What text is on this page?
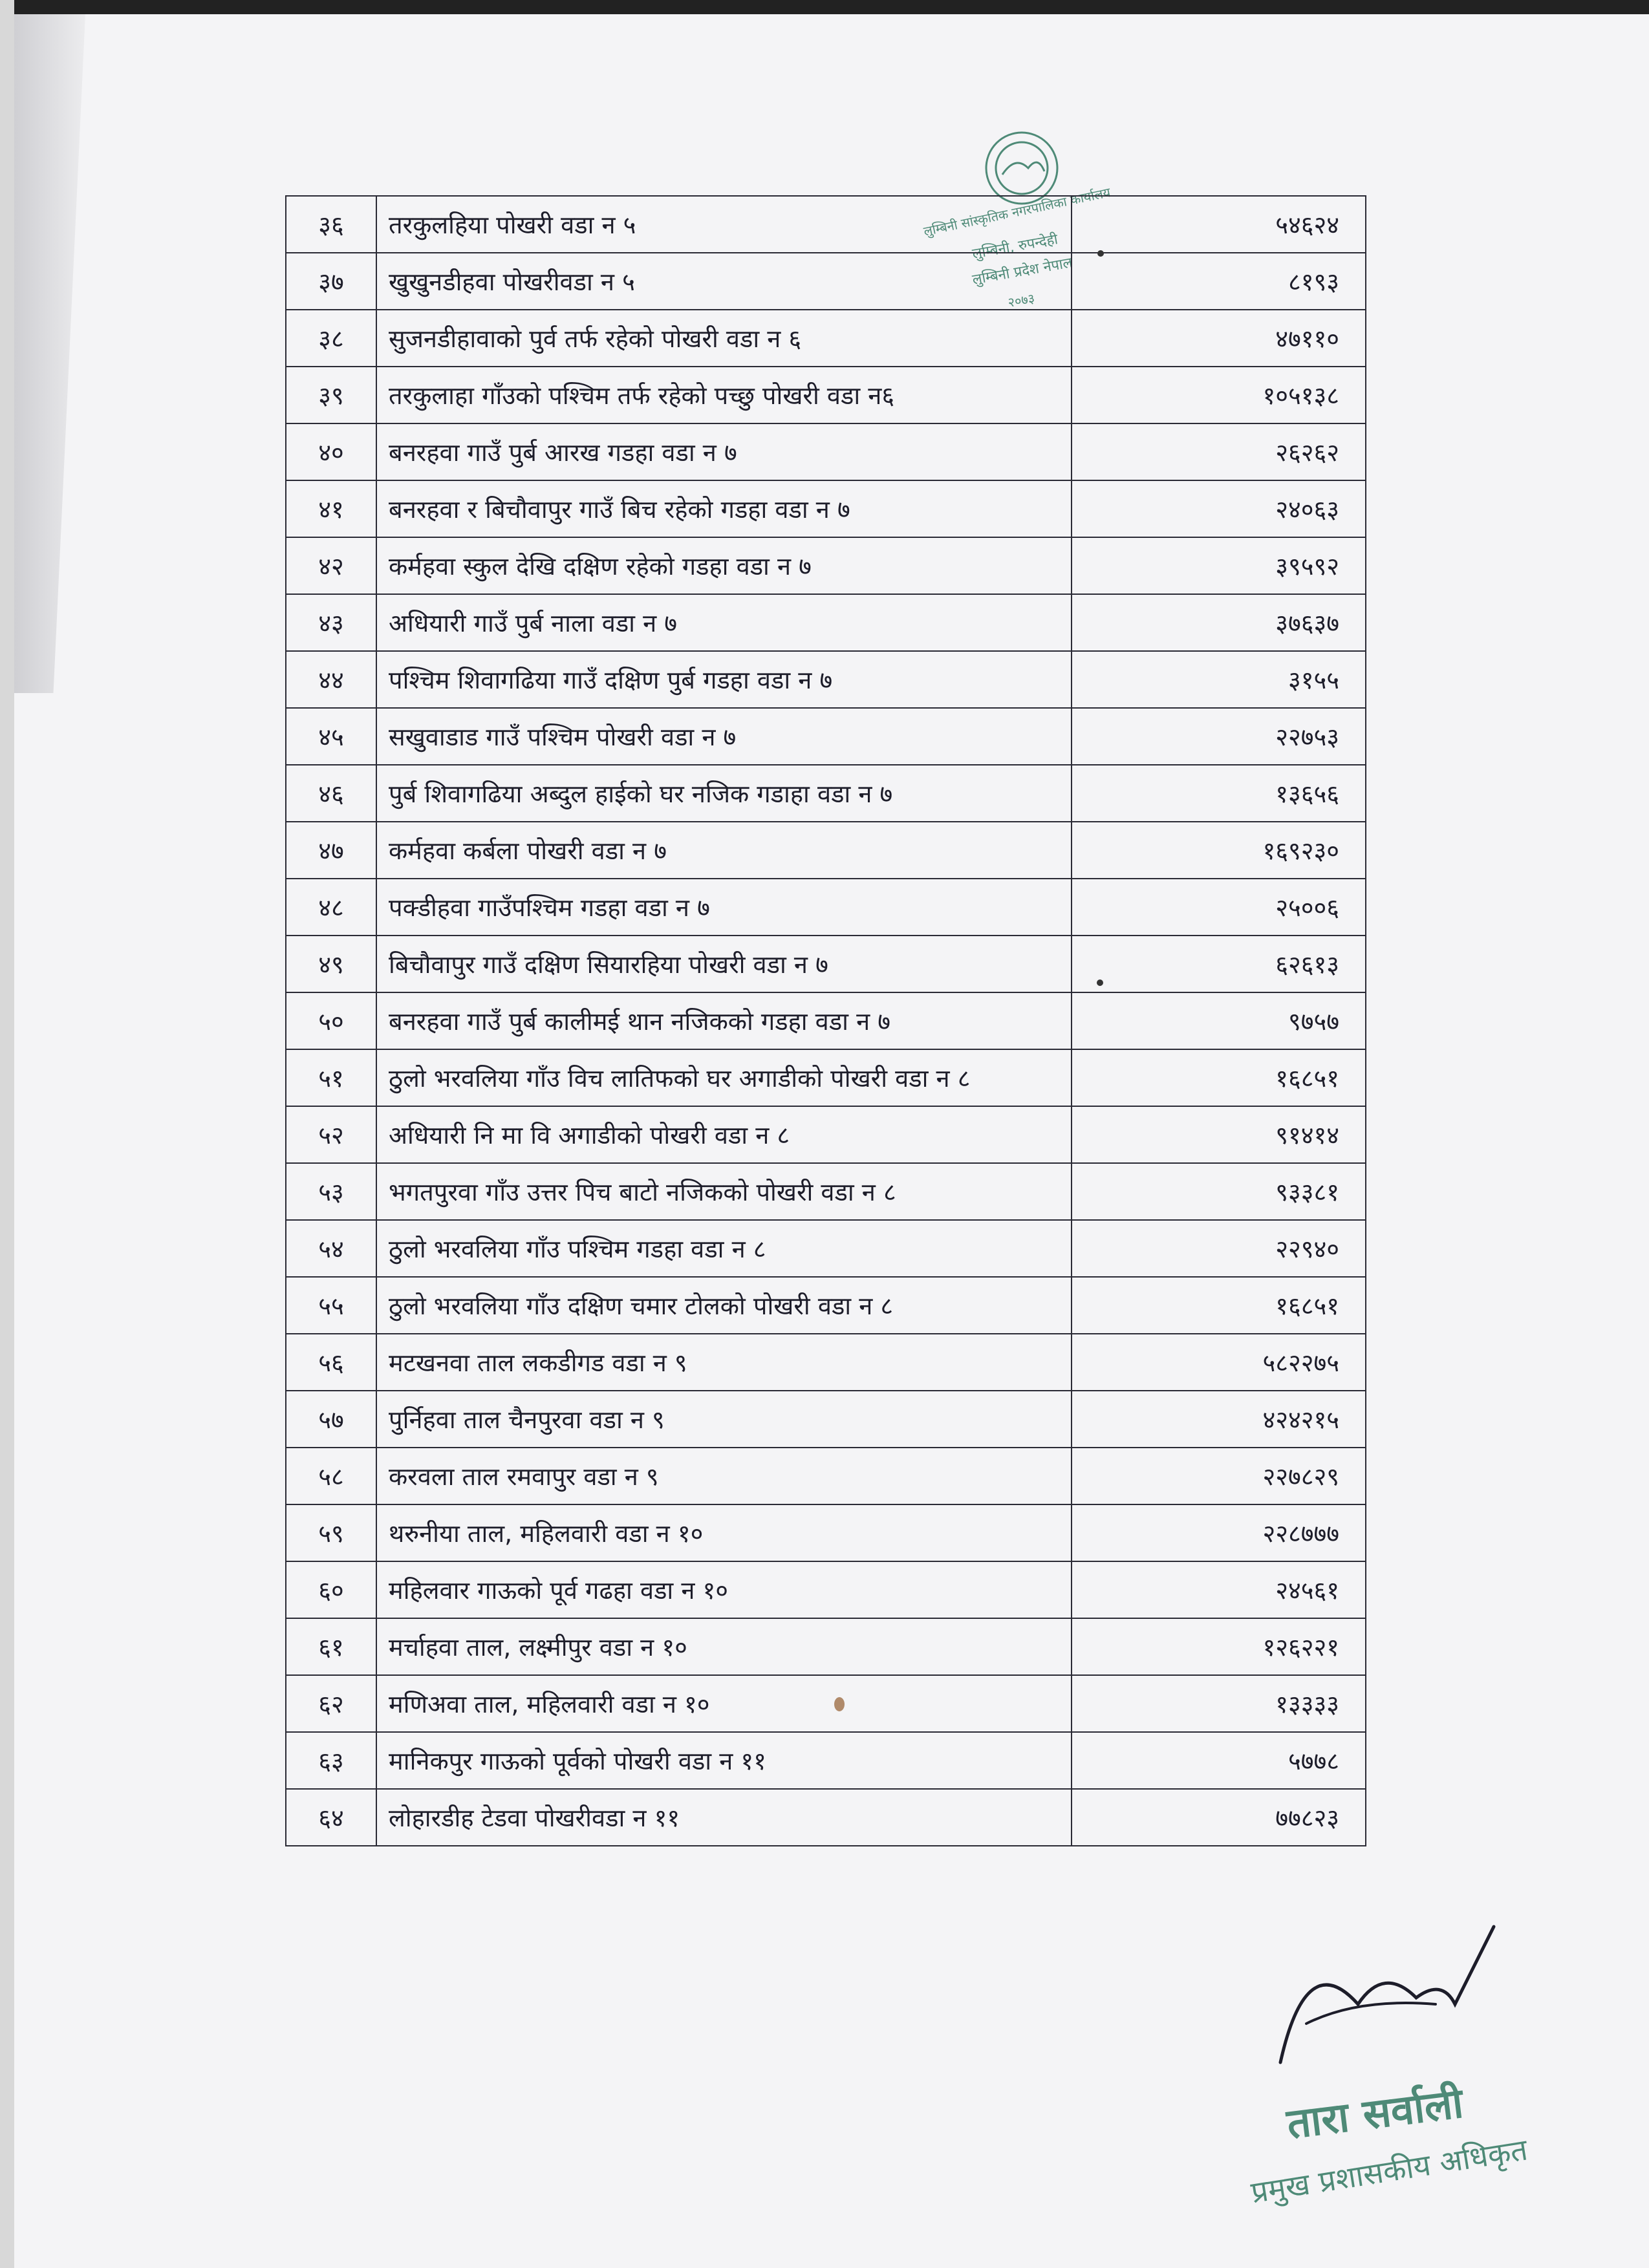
लुम्बिनी सांस्कृतिक नगरपालिका कार्यालय
लुम्बिनी, रुपन्देही
लुम्बिनी प्रदेश नेपाल
२०७३
३६	तरकुलहिया पोखरी वडा न ५	५४६२४
३७	खुखुनडीहवा पोखरीवडा न ५	८१९३
३८	सुजनडीहावाको पुर्व तर्फ रहेको पोखरी वडा न ६	४७११०
३९	तरकुलाहा गाँउको पश्चिम तर्फ रहेको पच्छु पोखरी वडा न६	१०५१३८
४०	बनरहवा गाउँ पुर्ब आरख गडहा वडा न ७	२६२६२
४१	बनरहवा र बिचौवापुर गाउँ बिच रहेको गडहा वडा न ७	२४०६३
४२	कर्महवा स्कुल देखि दक्षिण रहेको गडहा वडा न ७	३९५९२
४३	अधियारी गाउँ पुर्ब नाला वडा न ७	३७६३७
४४	पश्चिम शिवागढिया गाउँ दक्षिण पुर्ब गडहा वडा न ७	३१५५
४५	सखुवाडाड गाउँ पश्चिम पोखरी वडा न ७	२२७५३
४६	पुर्ब शिवागढिया अब्दुल हाईको घर नजिक गडाहा वडा न ७	१३६५६
४७	कर्महवा कर्बला पोखरी वडा न ७	१६९२३०
४८	पक्डीहवा गाउँपश्चिम गडहा वडा न ७	२५००६
४९	बिचौवापुर गाउँ दक्षिण सियारहिया पोखरी वडा न ७	६२६१३
५०	बनरहवा गाउँ पुर्ब कालीमई थान नजिकको गडहा वडा न ७	९७५७
५१	ठुलो भरवलिया गाँउ विच लातिफको घर अगाडीको पोखरी वडा न ८	१६८५१
५२	अधियारी नि मा वि अगाडीको पोखरी वडा न ८	९१४१४
५३	भगतपुरवा गाँउ उत्तर पिच बाटो नजिकको पोखरी वडा न ८	९३३८१
५४	ठुलो भरवलिया गाँउ पश्चिम गडहा वडा न ८	२२९४०
५५	ठुलो भरवलिया गाँउ दक्षिण चमार टोलको पोखरी वडा न ८	१६८५१
५६	मटखनवा ताल लकडीगड वडा न ९	५८२२७५
५७	पुर्निहवा ताल चैनपुरवा वडा न ९	४२४२१५
५८	करवला ताल रमवापुर वडा न ९	२२७८२९
५९	थरुनीया ताल, महिलवारी वडा न १०	२२८७७७
६०	महिलवार गाऊको पूर्व गढहा वडा न १०	२४५६१
६१	मर्चाहवा ताल, लक्ष्मीपुर वडा न १०	१२६२२१
६२	मणिअवा ताल, महिलवारी वडा न १०	१३३३३
६३	मानिकपुर गाऊको पूर्वको पोखरी वडा न ११	५७७८
६४	लोहारडीह टेडवा पोखरीवडा न ११	७७८२३
तारा सर्वाली
प्रमुख प्रशासकीय अधिकृत
